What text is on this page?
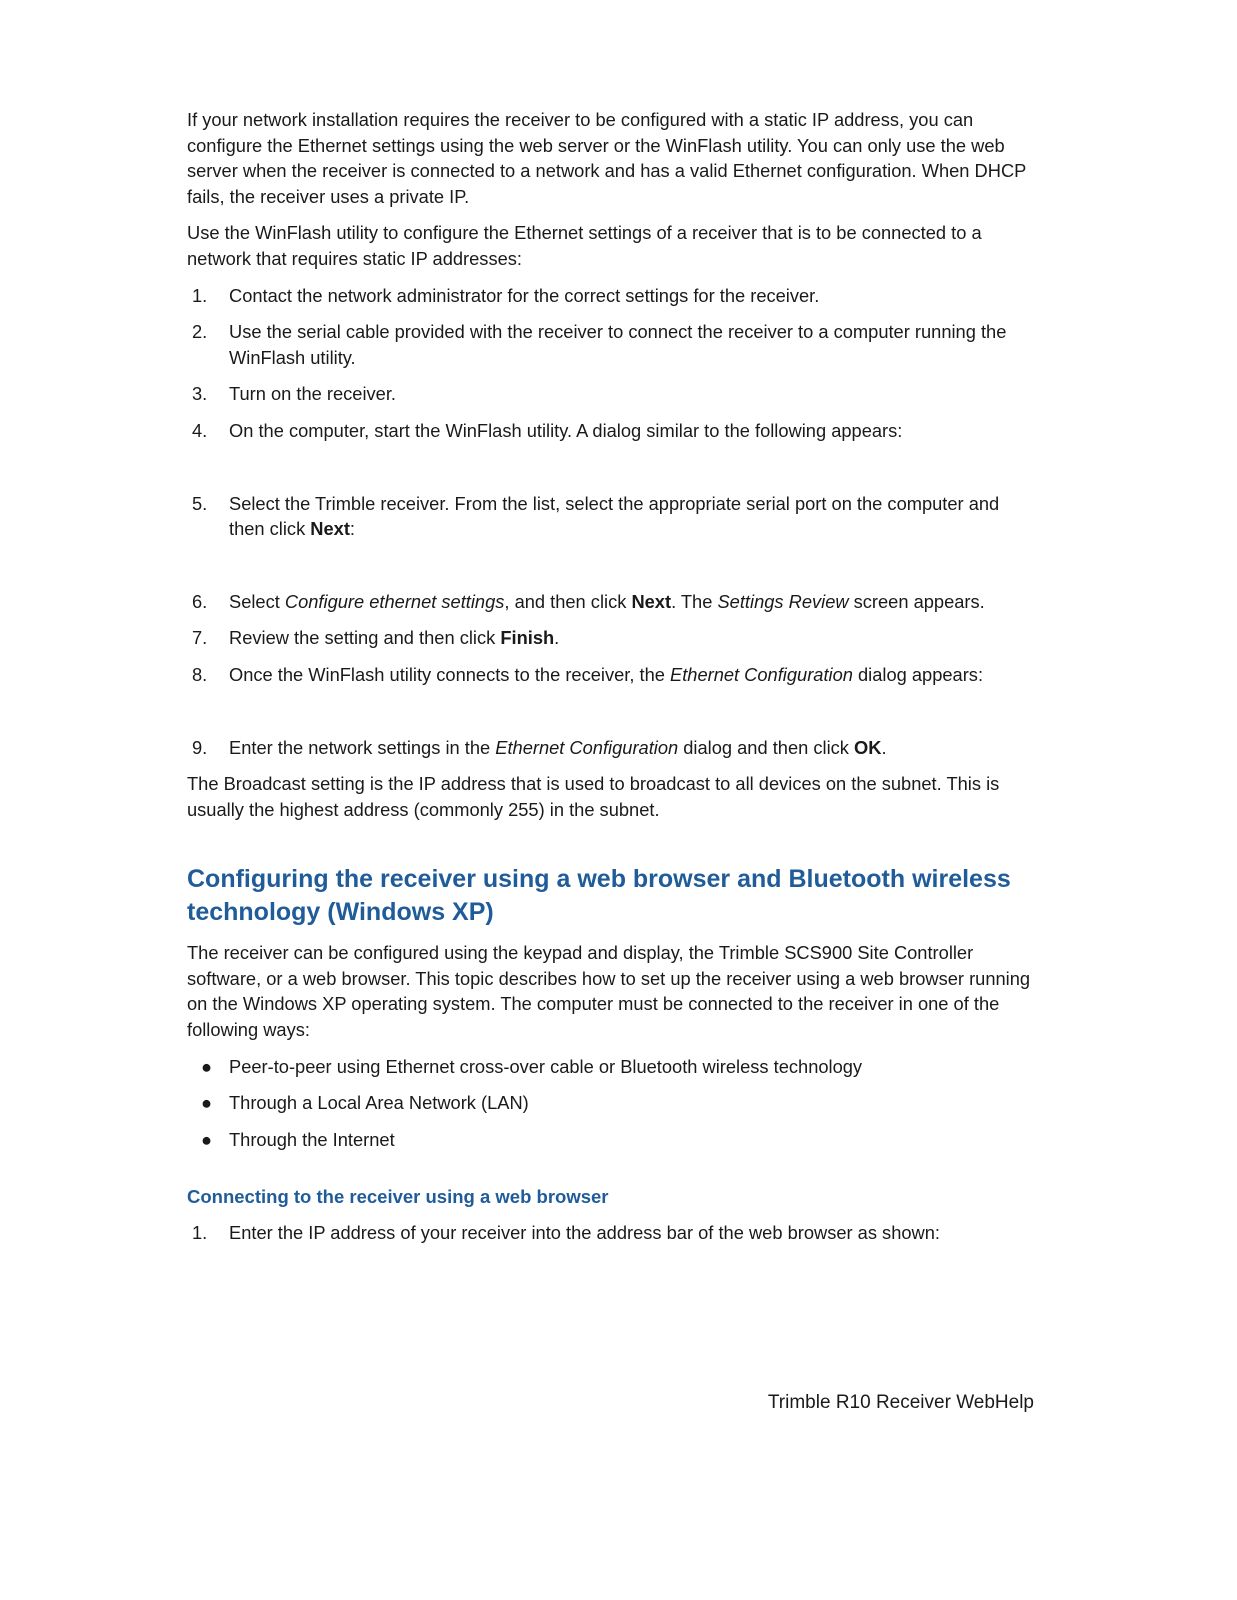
If your network installation requires the receiver to be configured with a static IP address, you can configure the Ethernet settings using the web server or the WinFlash utility. You can only use the web server when the receiver is connected to a network and has a valid Ethernet configuration. When DHCP fails, the receiver uses a private IP.

Use the WinFlash utility to configure the Ethernet settings of a receiver that is to be connected to a network that requires static IP addresses:

1. Contact the network administrator for the correct settings for the receiver.
2. Use the serial cable provided with the receiver to connect the receiver to a computer running the WinFlash utility.
3. Turn on the receiver.
4. On the computer, start the WinFlash utility. A dialog similar to the following appears:
5. Select the Trimble receiver. From the list, select the appropriate serial port on the computer and then click Next:
6. Select Configure ethernet settings, and then click Next. The Settings Review screen appears.
7. Review the setting and then click Finish.
8. Once the WinFlash utility connects to the receiver, the Ethernet Configuration dialog appears:
9. Enter the network settings in the Ethernet Configuration dialog and then click OK.

The Broadcast setting is the IP address that is used to broadcast to all devices on the subnet. This is usually the highest address (commonly 255) in the subnet.

Configuring the receiver using a web browser and Bluetooth wireless technology (Windows XP)

The receiver can be configured using the keypad and display, the Trimble SCS900 Site Controller software, or a web browser. This topic describes how to set up the receiver using a web browser running on the Windows XP operating system. The computer must be connected to the receiver in one of the following ways:

● Peer-to-peer using Ethernet cross-over cable or Bluetooth wireless technology
● Through a Local Area Network (LAN)
● Through the Internet
Connecting to the receiver using a web browser
1. Enter the IP address of your receiver into the address bar of the web browser as shown:
Trimble R10 Receiver WebHelp
